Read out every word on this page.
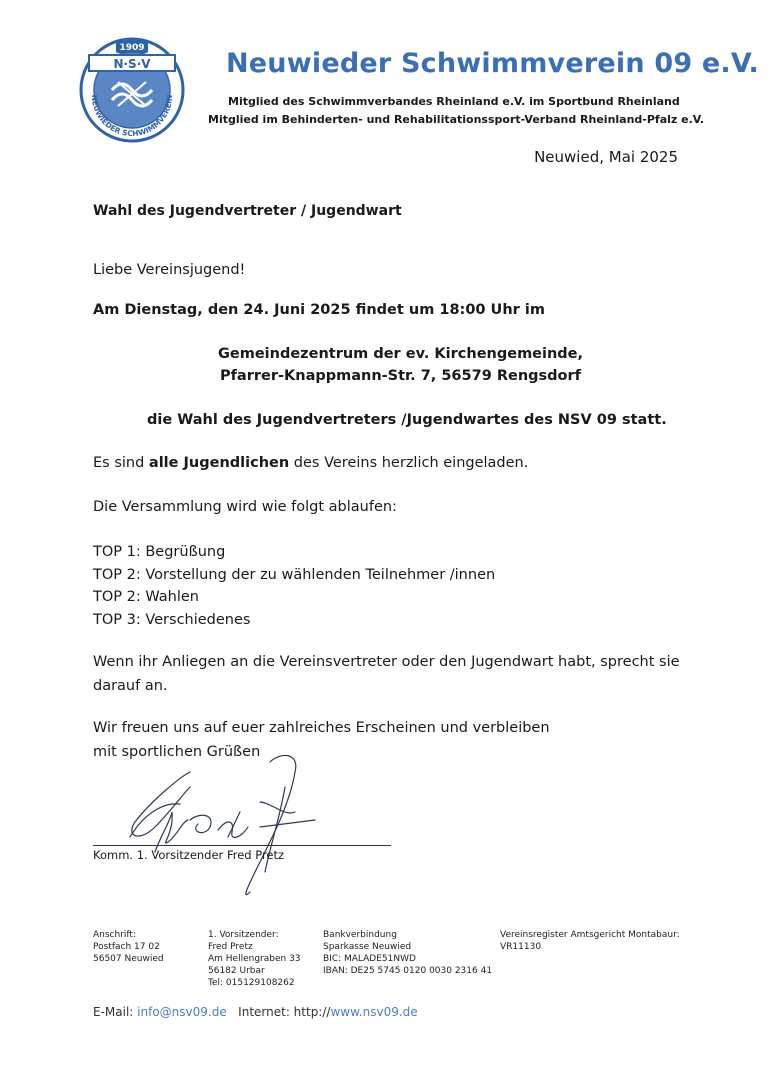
1909
N·S·V
NEUWIEDER SCHWIMMVEREIN
Neuwieder Schwimmverein 09 e.V.
Mitglied des Schwimmverbandes Rheinland e.V. im Sportbund Rheinland
Mitglied im Behinderten- und Rehabilitationssport-Verband Rheinland-Pfalz e.V.
Neuwied, Mai 2025
Wahl des Jugendvertreter / Jugendwart
Liebe Vereinsjugend!
Am Dienstag, den 24. Juni 2025 findet um 18:00 Uhr im
Gemeindezentrum der ev. Kirchengemeinde,
Pfarrer-Knappmann-Str. 7, 56579 Rengsdorf
die Wahl des Jugendvertreters /Jugendwartes des NSV 09 statt.
Es sind alle Jugendlichen des Vereins herzlich eingeladen.
Die Versammlung wird wie folgt ablaufen:
TOP 1: Begrüßung
TOP 2: Vorstellung der zu wählenden Teilnehmer /innen
TOP 2: Wahlen
TOP 3: Verschiedenes
Wenn ihr Anliegen an die Vereinsvertreter oder den Jugendwart habt, sprecht sie darauf an.
Wir freuen uns auf euer zahlreiches Erscheinen und verbleiben
mit sportlichen Grüßen
Komm. 1. Vorsitzender Fred Pretz
Anschrift:
Postfach 17 02
56507 Neuwied
1. Vorsitzender:
Fred Pretz
Am Hellengraben 33
56182 Urbar
Tel: 015129108262
Bankverbindung
Sparkasse Neuwied
BIC: MALADE51NWD
IBAN: DE25 5745 0120 0030 2316 41
Vereinsregister Amtsgericht Montabaur:
VR11130
E-Mail: info@nsv09.de Internet: http://www.nsv09.de
